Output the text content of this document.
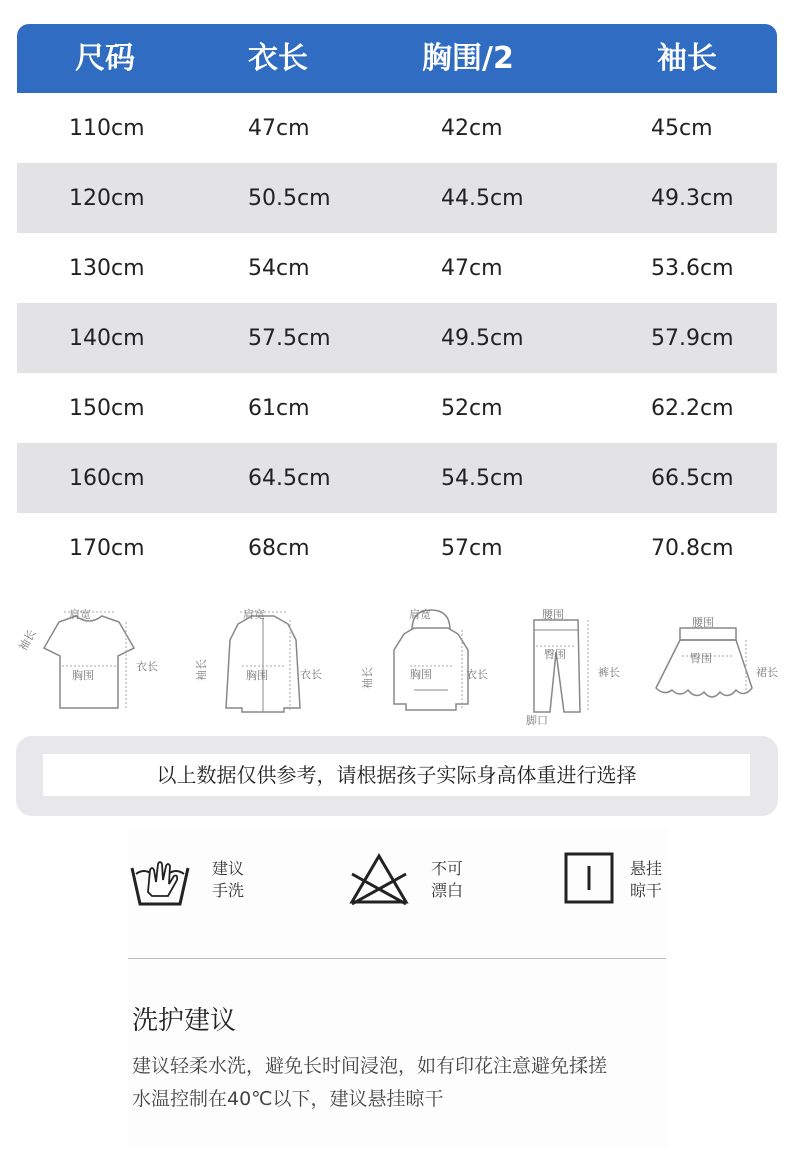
尺码	衣长	胸围/2	袖长
110cm	47cm	42cm	45cm
120cm	50.5cm	44.5cm	49.3cm
130cm	54cm	47cm	53.6cm
140cm	57.5cm	49.5cm	57.9cm
150cm	61cm	52cm	62.2cm
160cm	64.5cm	54.5cm	66.5cm
170cm	68cm	57cm	70.8cm
肩宽
袖长
胸围
衣长
肩宽
袖长	胸围	衣长
肩宽
袖长	胸围	衣长
腰围
臀围
裤长
脚口
腰围
臀围
裙长
以上数据仅供参考，请根据孩子实际身高体重进行选择
建议
手洗
不可
漂白
悬挂
晾干
洗护建议
建议轻柔水洗，避免长时间浸泡，如有印花注意避免揉搓
水温控制在40℃以下，建议悬挂晾干
